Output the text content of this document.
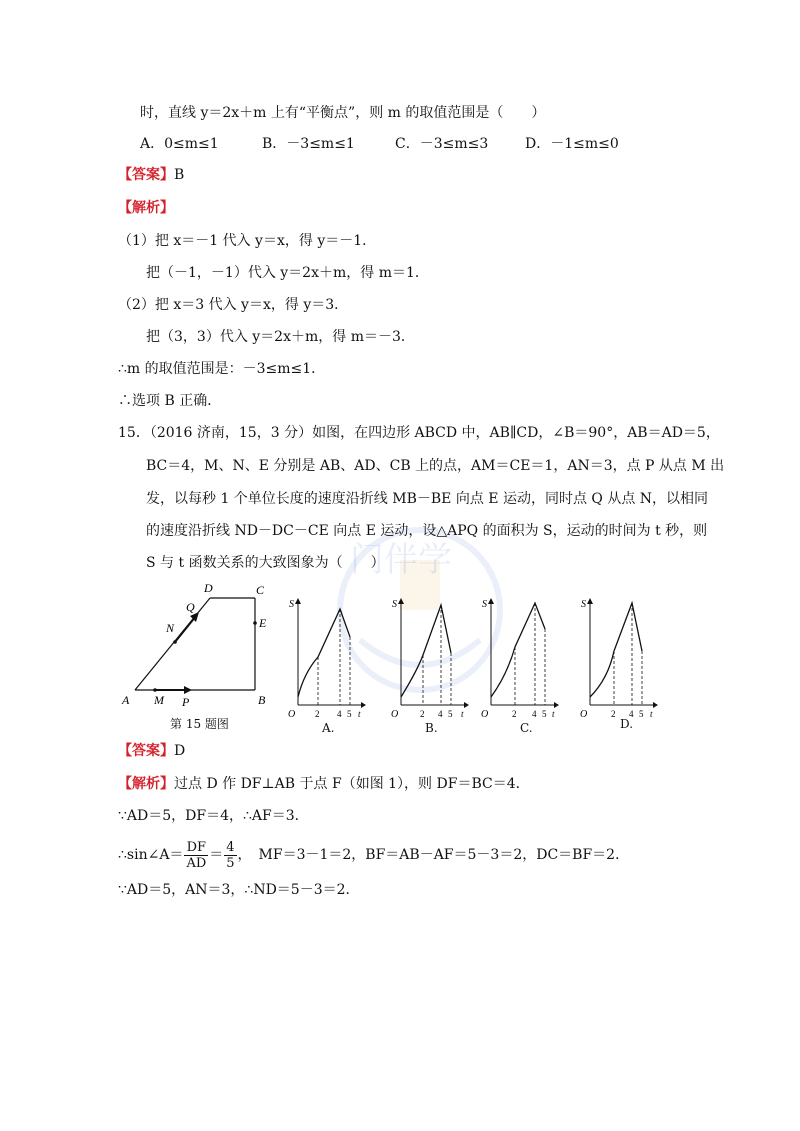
门伴学
时，直线 y＝2x＋m 上有“平衡点”，则 m 的取值范围是（　　）
A．0≤m≤1	B．－3≤m≤1	C．－3≤m≤3	D．－1≤m≤0
【答案】B
【解析】
（1）把 x＝－1 代入 y＝x，得 y＝－1．
把（－1，－1）代入 y＝2x＋m，得 m＝1．
（2）把 x＝3 代入 y＝x，得 y＝3．
把（3，3）代入 y＝2x＋m，得 m＝－3．
∴m 的取值范围是：－3≤m≤1．
∴选项 B 正确．
15．（2016 济南，15，3 分）如图，在四边形 ABCD 中，AB∥CD，∠B＝90°，AB＝AD＝5，
BC＝4，M、N、E 分别是 AB、AD、CB 上的点，AM＝CE＝1，AN＝3，点 P 从点 M 出
发，以每秒 1 个单位长度的速度沿折线 MB－BE 向点 E 运动，同时点 Q 从点 N，以相同
的速度沿折线 ND－DC－CE 向点 E 运动，设△APQ 的面积为 S，运动的时间为 t 秒，则
S 与 t 函数关系的大致图象为（　　）
A	B
C
D
E
M
N
P
Q
第 15 题图
S
O 2 4 5 t
A.
S
O 2 4 5 t
B.
S
O	2 4 5 t
C.
S
O	2 4 5 t
D.
【答案】D
【解析】过点 D 作 DF⊥AB 于点 F（如图 1），则 DF＝BC＝4．
∵AD＝5，DF＝4，∴AF＝3．
∴sin∠A＝ $\frac{DF}{AD} = \frac{4}{5}$ ，　MF＝3－1＝2，BF＝AB－AF＝5－3＝2，DC＝BF＝2．
∵AD＝5，AN＝3，∴ND＝5－3＝2．
